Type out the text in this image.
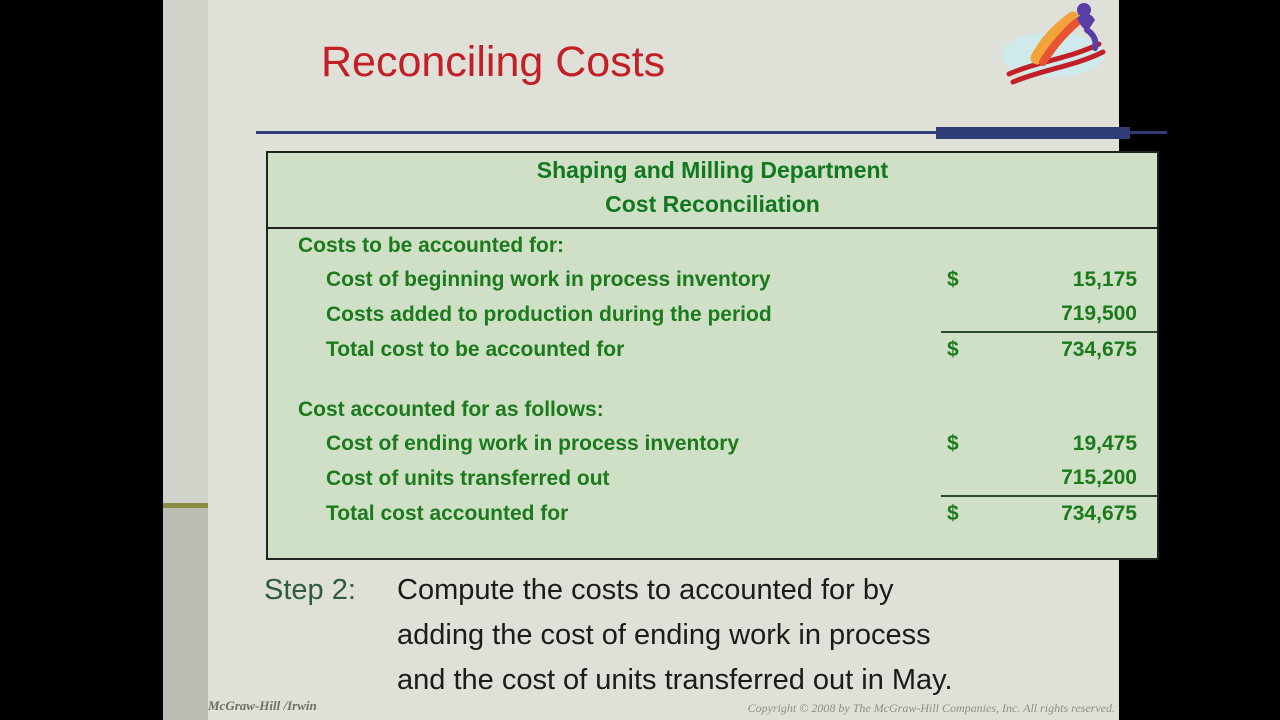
Reconciling Costs
Shaping and Milling Department		
Cost Reconciliation		

Costs to be accounted for:		
Cost of beginning work in process inventory	$	15,175
Costs added to production during the period		719,500
Total cost to be accounted for	$	734,675

Cost accounted for as follows:		
Cost of ending work in process inventory	$	19,475
Cost of units transferred out		715,200
Total cost accounted for	$	734,675
Step 2:	Compute the costs to accounted for by
adding the cost of ending work in process
and the cost of units transferred out in May.
McGraw-Hill /Irwin	Copyright © 2008 by The McGraw-Hill Companies, Inc. All rights reserved.
